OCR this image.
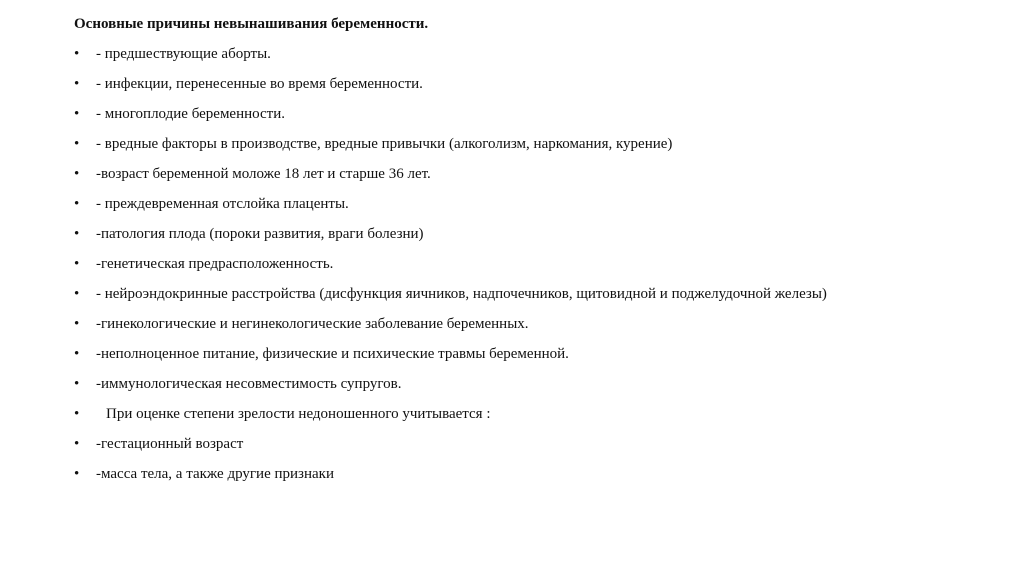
Основные причины невынашивания беременности.
•	- предшествующие аборты.
•	- инфекции, перенесенные во время беременности.
•	- многоплодие беременности.
•	- вредные факторы в производстве, вредные привычки (алкоголизм, наркомания, курение)
•	-возраст беременной моложе 18 лет и старше 36 лет.
•	- преждевременная отслойка плаценты.
•	-патология плода (пороки развития, враги болезни)
•	-генетическая предрасположенность.
•	- нейроэндокринные расстройства (дисфункция яичников, надпочечников, щитовидной и поджелудочной железы)
•	-гинекологические и негинекологические заболевание беременных.
•	-неполноценное питание, физические и психические травмы беременной.
•	-иммунологическая несовместимость супругов.
•	При оценке степени зрелости недоношенного учитывается :
•	-гестационный возраст
•	-масса тела, а также другие признаки
